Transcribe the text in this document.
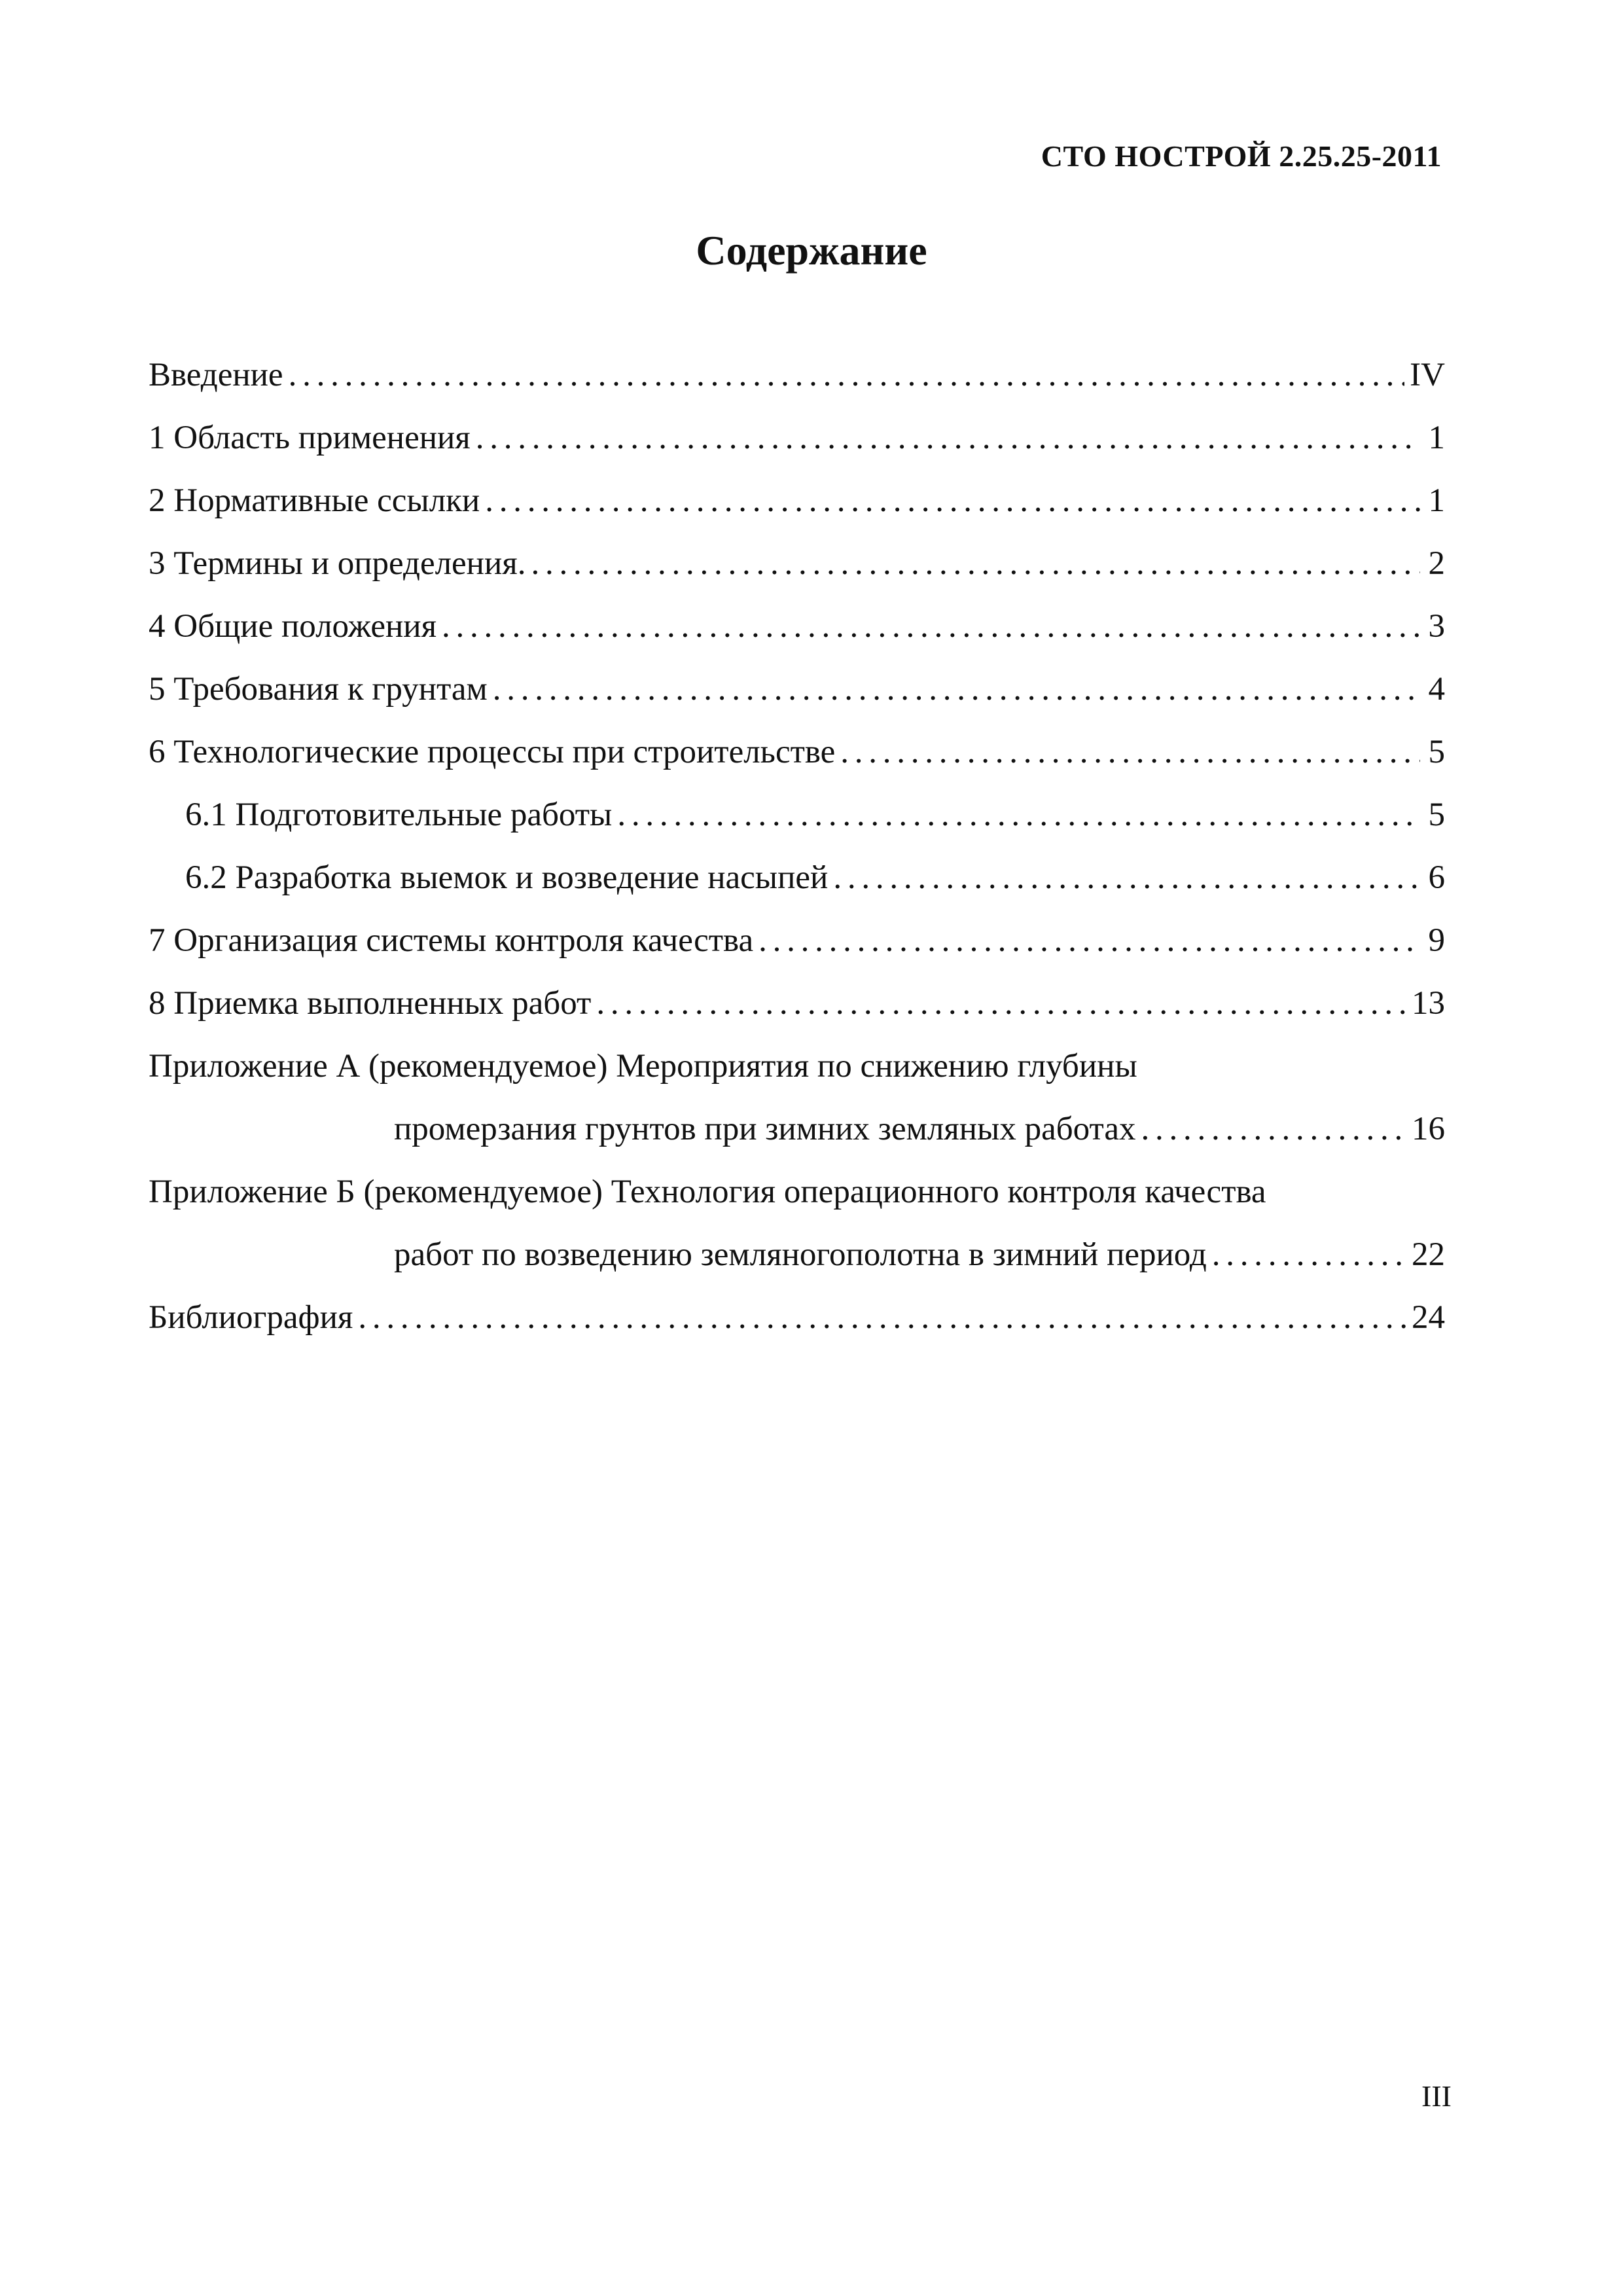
СТО НОСТРОЙ 2.25.25-2011
Содержание
Введение . . .	IV
1 Область применения . . .	1
2 Нормативные ссылки . . .	1
3 Термины и определения. . . .	2
4 Общие положения . . .	3
5 Требования к грунтам . . .	4
6 Технологические процессы при строительстве . . .	5
6.1 Подготовительные работы . . .	5
6.2 Разработка выемок и возведение насыпей . . .	6
7 Организация системы контроля качества . . .	9
8 Приемка выполненных работ . . .	13
Приложение А (рекомендуемое) Мероприятия по снижению глубины
промерзания грунтов при зимних земляных работах . . .	16
Приложение Б (рекомендуемое) Технология операционного контроля качества
работ по возведению земляногополотна в зимний период . . .	22
Библиография . . .	24
III
